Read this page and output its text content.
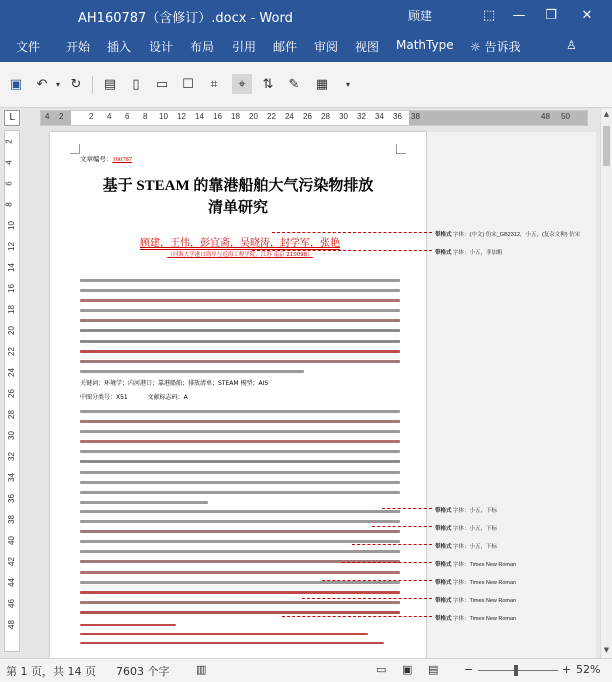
AH160787（含修订）.docx - Word	顾建	⬚	—	❐	✕
文件 开始 插入 设计 布局 引用 邮件 审阅 视图 MathType ☼ 告诉我	♙
▣	↶	▾ ↻	▤	▯	▭	☐	⌗	⌖	⇅	✎	▦	▾
L	4 2	2 4 6 8 10 12 14 16 18 20 22 24 26 28 30 32 34 36 38	48 50
2
4
6
8
10
12
14
16
18
20
22
24
26
28
30
32
34
36
38
40
42
44
46
48
文章编号：160787
基于 STEAM 的靠港船舶大气污染物排放
清单研究
顾建，王伟，彭宜斋，吴晓涛，封学军，张艳
（河海大学港口海岸与近海工程学院，江苏 南京 210098）
关键词：环境学；内河港口；靠港船舶；排放清单；STEAM 模型；AIS
中图分类号：X51	文献标志码：A
带格式 字体：(中文) 仿宋_GB2312，小五，(复杂文种) 仿宋
带格式 字体：小五，非加粗
带格式 字体：小五，下标
带格式 字体：小五，下标
带格式 字体：小五，下标
带格式 字体：Times New Roman
带格式 字体：Times New Roman
带格式 字体：Times New Roman
带格式 字体：Times New Roman
▲
▼
第 1 页，共 14 页 7603 个字 ▥	▭ ▣ ▤ −	+ 52%
